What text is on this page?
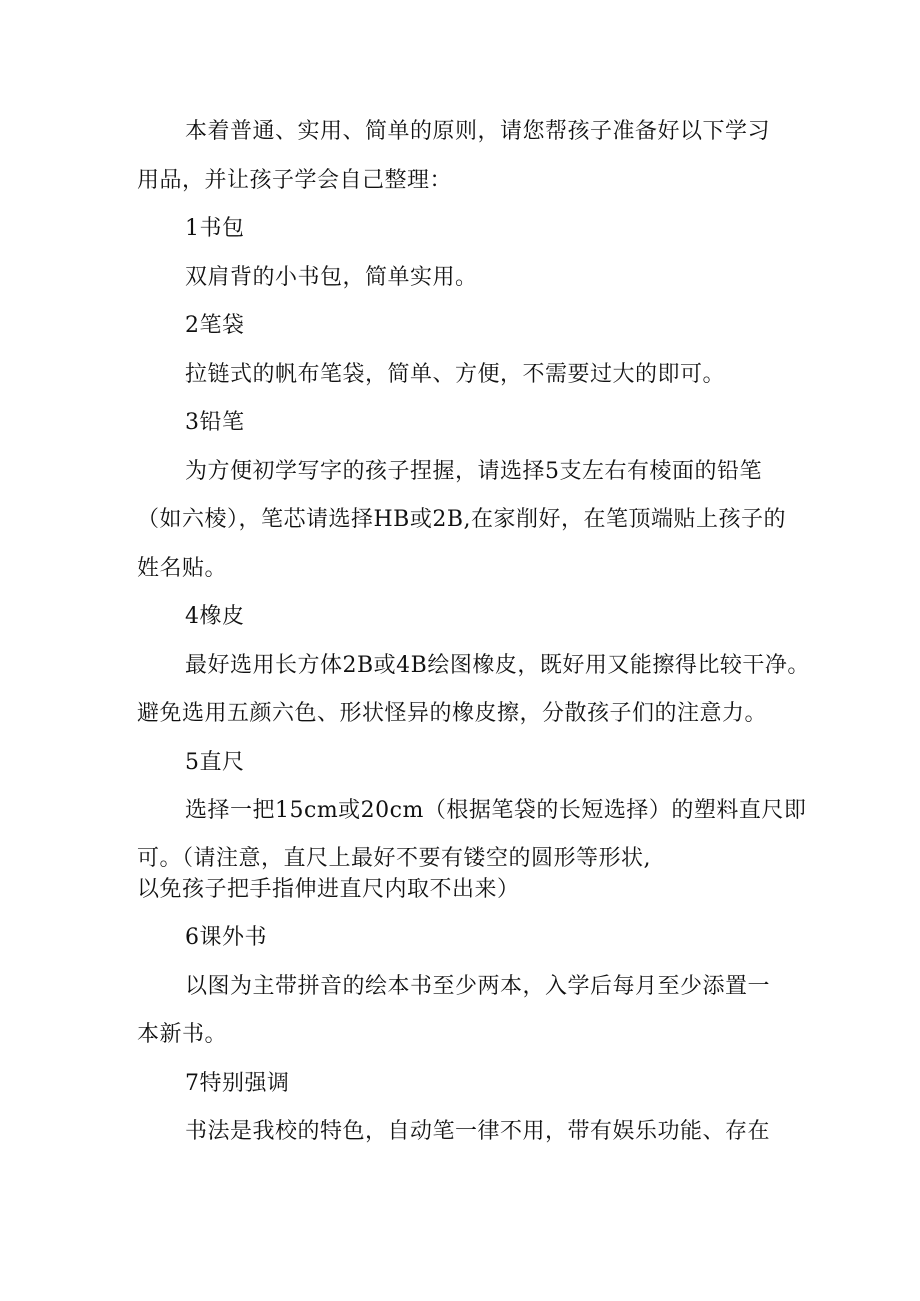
本着普通、实用、简单的原则，请您帮孩子准备好以下学习
用品，并让孩子学会自己整理：
1书包
双肩背的小书包，简单实用。
2笔袋
拉链式的帆布笔袋，简单、方便，不需要过大的即可。
3铅笔
为方便初学写字的孩子捏握，请选择5支左右有棱面的铅笔
（如六棱），笔芯请选择HB或2B,在家削好，在笔顶端贴上孩子的
姓名贴。
4橡皮
最好选用长方体2B或4B绘图橡皮，既好用又能擦得比较干净。
避免选用五颜六色、形状怪异的橡皮擦，分散孩子们的注意力。
5直尺
选择一把15cm或20cm（根据笔袋的长短选择）的塑料直尺即
可。（请注意，直尺上最好不要有镂空的圆形等形状,
以免孩子把手指伸进直尺内取不出来）
6课外书
以图为主带拼音的绘本书至少两本，入学后每月至少添置一
本新书。
7特别强调
书法是我校的特色，自动笔一律不用，带有娱乐功能、存在
